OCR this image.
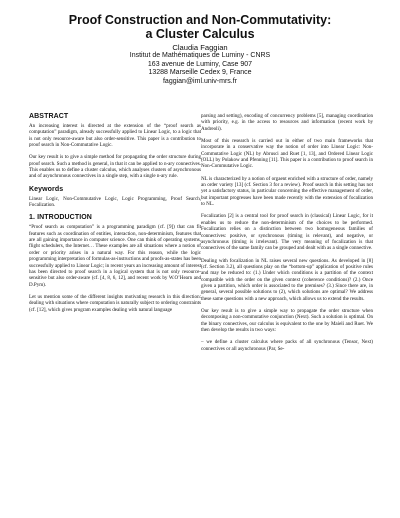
Proof Construction and Non-Commutativity:
a Cluster Calculus
Claudia Faggian
Institut de Mathématiques de Luminy - CNRS
163 avenue de Luminy, Case 907
13288 Marseille Cedex 9, France
faggian@iml.univ-mrs.fr
ABSTRACT

An increasing interest is directed at the extension of the “proof search as computation” paradigm, already successfully applied to Linear Logic, to a logic that is not only resource-aware but also order-sensitive. This paper is a contribution to proof search in Non-Commutative Logic.

Our key result is to give a simple method for propagating the order structure during proof search. Such a method is general, in that it can be applied to n-ary connectives. This enables us to define a cluster calculus, which analyses clusters of asynchronous and of asynchronous connectives in a single step, with a single n-ary rule.

Keywords

Linear Logic, Non-Commutative Logic, Logic Programming, Proof Search, Focalization.

1. INTRODUCTION

“Proof search as computation” is a programming paradigm (cf. [9]) that can fit features such as coordination of entities, interaction, non-determinism, features that are all gaining importance in computer science. One can think of operating systems, flight schedulers, the Internet… These examples are all situations where a notion of order or priority arises in a natural way. For this reason, while the logic programming interpretation of formulas-as-instructions and proofs-as-states has been successfully applied to Linear Logic; in recent years an increasing amount of interest has been directed to proof search in a logical system that is not only resource-sensitive but also order-aware (cf. [4, 8, 6, 12], and recent work by W.O’Hearn and D.Pym).

Let us mention some of the different insights motivating research in this direction: dealing with situations where computation is naturally subject to ordering constraints (cf. [12], which gives program examples dealing with natural language

parsing and setting), encoding of concurrency problems [5], managing coordination with priority, e.g. in the access to resources and information (recent work by Andreoli).

Most of this research is carried out in either of two main frameworks that incorporate in a conservative way the notion of order into Linear Logic: Non-Commutative Logic (NL) by Abrusci and Ruet [1, 13], and Ordered Linear Logic (OLL) by Polakow and Pfenning [11]. This paper is a contribution to proof search in Non-Commutative Logic.

NL is characterized by a notion of orgaent enriched with a structure of order, namely an order variety [13] (cf. Section 3 for a review). Proof search in this setting has not yet a satisfactory status, in particular concerning the effective management of order, but important progresses have been made recently with the extension of focalization to NL.

Focalization [2] is a central tool for proof search in (classical) Linear Logic, for it enables us to reduce the non-determinism of the choices to be performed. Focalization relies on a distinction between two homogeneous families of connectives: positive, or synchronous (timing is relevant), and negative, or asynchronous (timing is irrelevant). The very meaning of focalization is that connectives of the same family can be grouped and dealt with as a single connective.

Dealing with focalization in NL raises several new questions. As developed in [8] (cf. Section 3.2), all questions play on the “bottom-up” application of positive rules and may be reduced to: (1.) Under which conditions is a partition of the context compatible with the order on the given context (coherence conditions)? (2.) Once given a partition, which order is associated to the premises? (3.) Since there are, in general, several possible solutions to (2), which solutions are optimal? We address these same questions with a new approach, which allows us to extend the results.

Our key result is to give a simple way to propagate the order structure when decomposing a non-commutative conjunction (Next). Such a solution is optimal. On the binary connectives, our calculus is equivalent to the one by Maieli and Ruet. We then develop the results in two ways:

– we define a cluster calculus where packs of all synchronous (Tensor, Next) connectives or all asynchronous (Par, Se-
